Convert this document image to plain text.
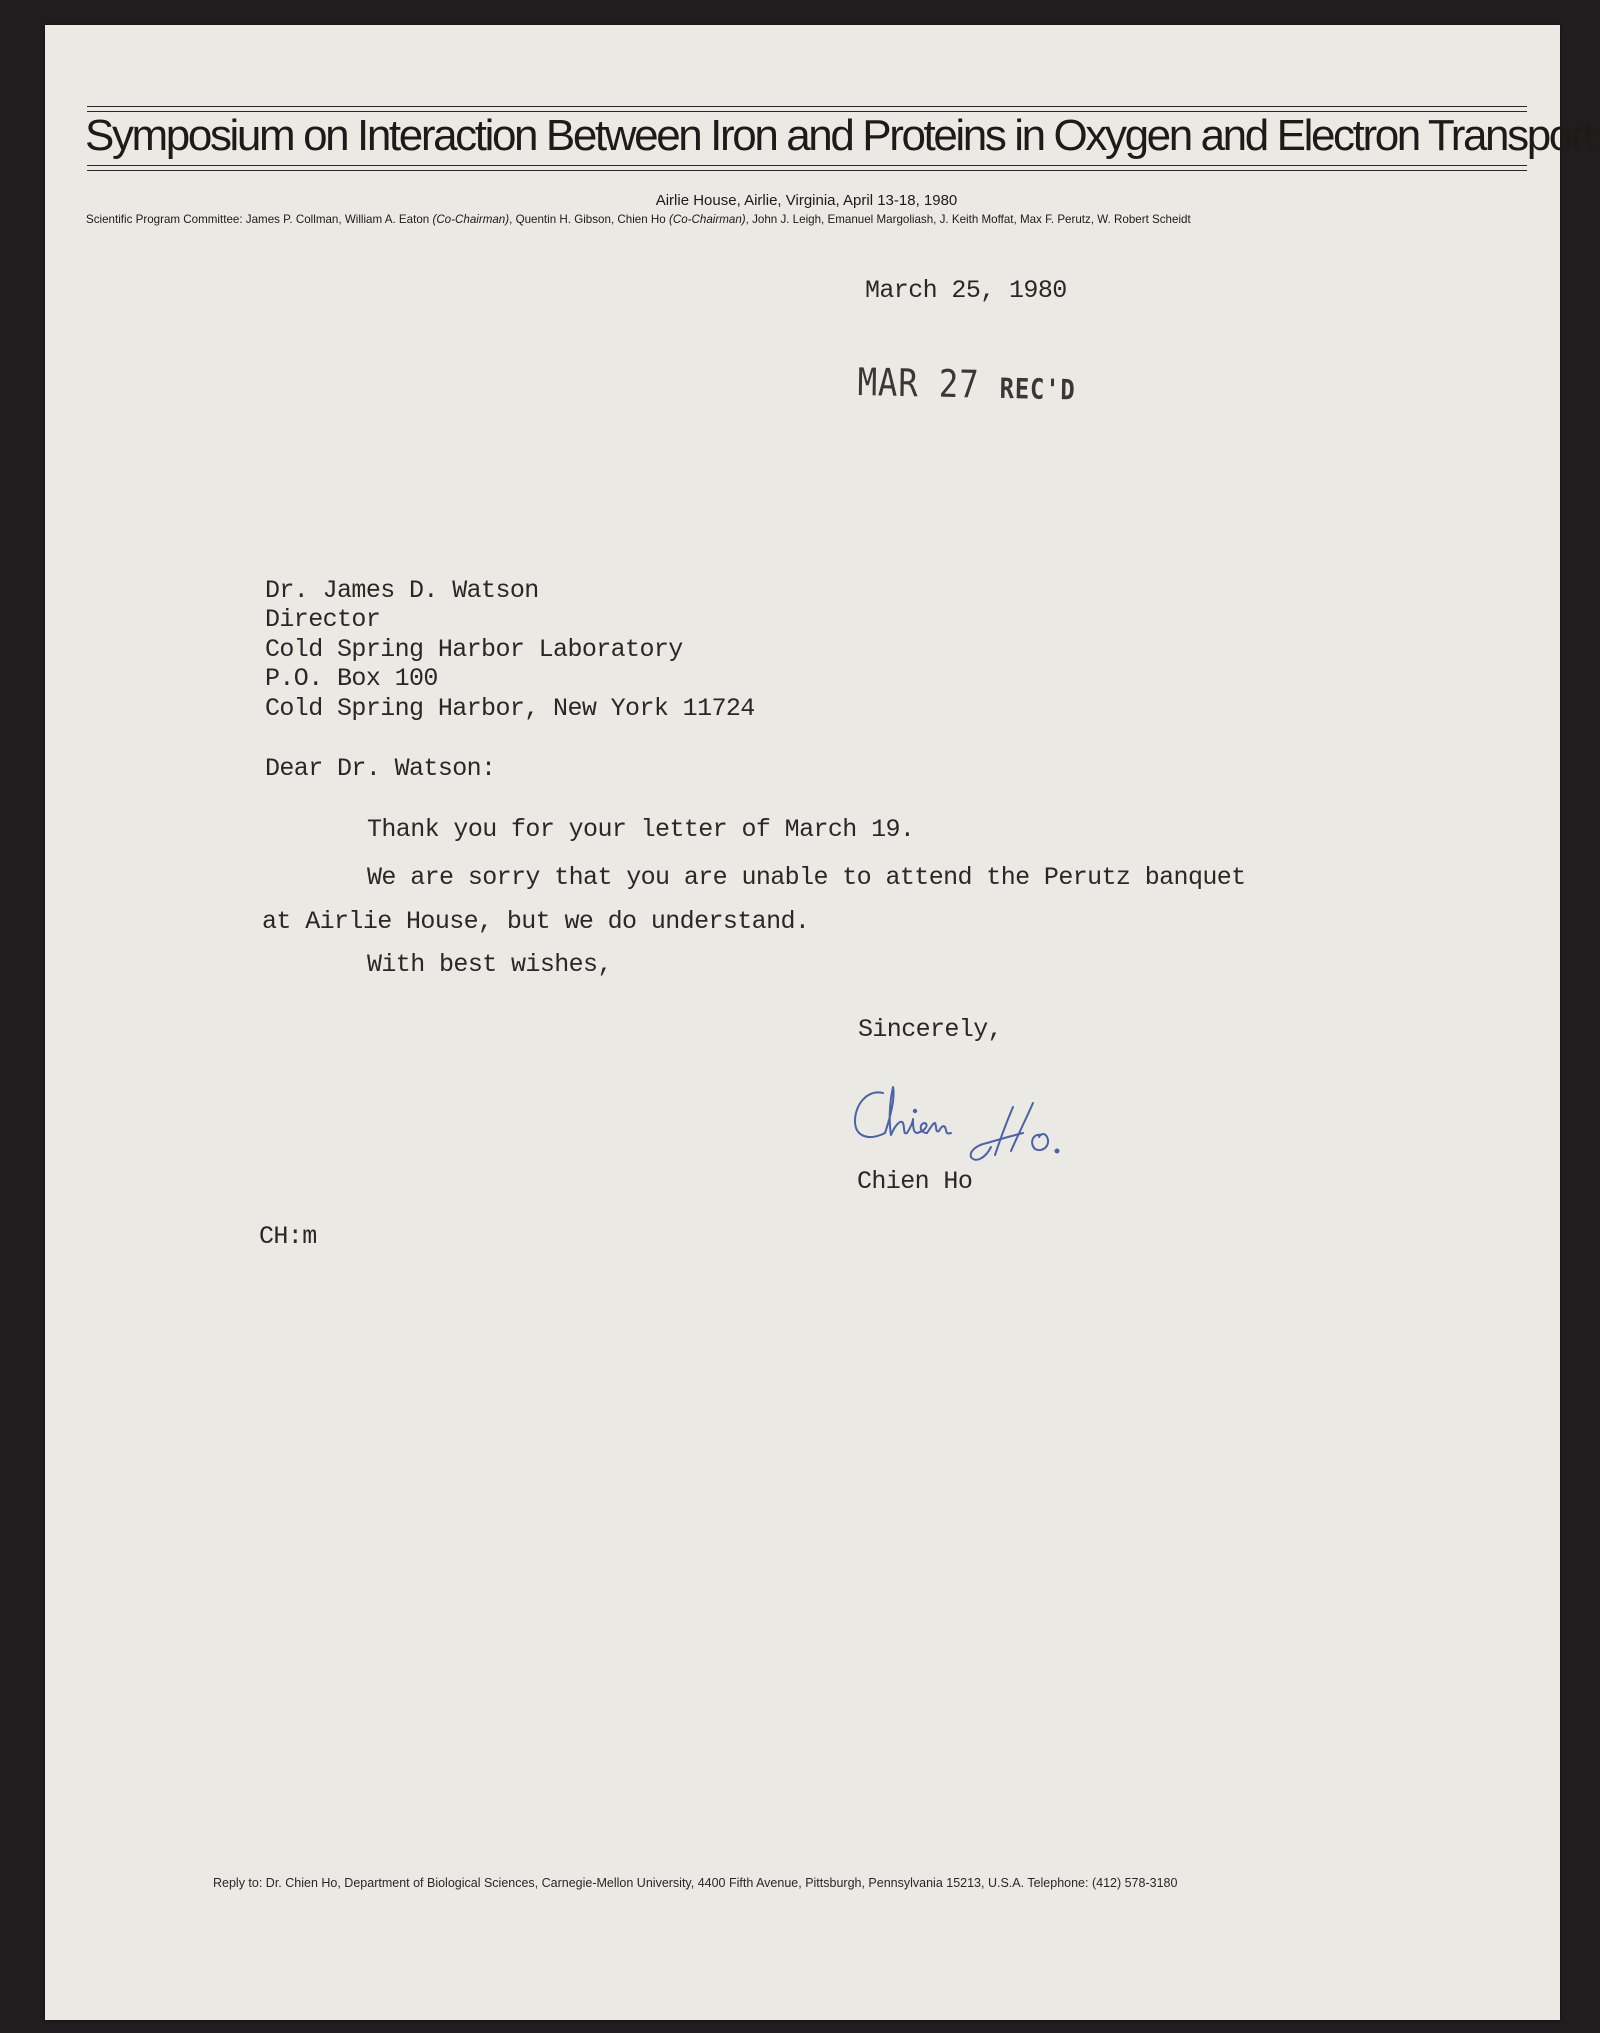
Symposium on Interaction Between Iron and Proteins in Oxygen and Electron Transport
Airlie House, Airlie, Virginia, April 13-18, 1980
Scientific Program Committee: James P. Collman, William A. Eaton (Co-Chairman), Quentin H. Gibson, Chien Ho (Co-Chairman), John J. Leigh, Emanuel Margoliash, J. Keith Moffat, Max F. Perutz, W. Robert Scheidt
March 25, 1980
MAR 27 REC'D
Dr. James D. Watson
Director
Cold Spring Harbor Laboratory
P.O. Box 100
Cold Spring Harbor, New York 11724
Dear Dr. Watson:
Thank you for your letter of March 19.
We are sorry that you are unable to attend the Perutz banquet
at Airlie House, but we do understand.
With best wishes,
Sincerely,
Chien Ho
CH:m
Reply to: Dr. Chien Ho, Department of Biological Sciences, Carnegie-Mellon University, 4400 Fifth Avenue, Pittsburgh, Pennsylvania 15213, U.S.A. Telephone: (412) 578-3180
